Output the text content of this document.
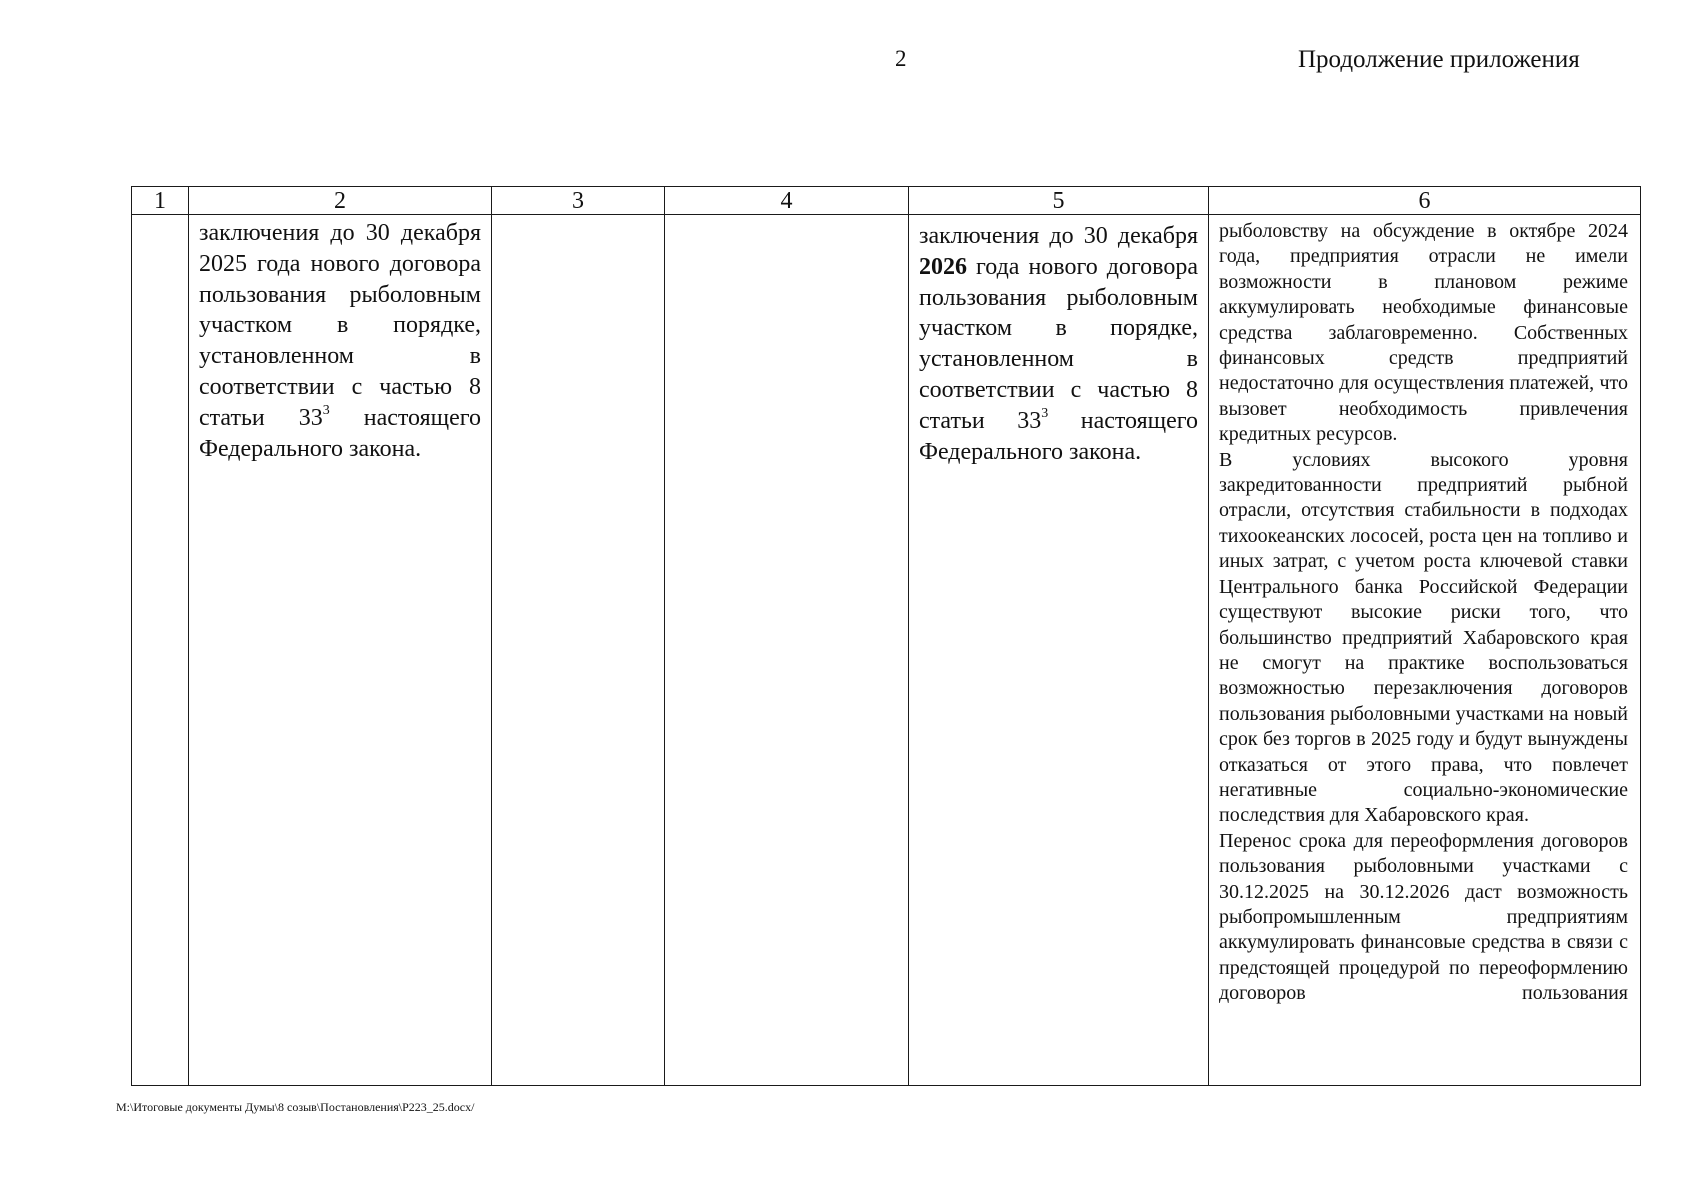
2	Продолжение приложения
1	2	3	4	5	6

	заключения до 30 декабря 2025 года нового договора пользования рыболовным участком в порядке, установленном в соответствии с частью 8 статьи $33^3$ настоящего Федерального закона.			заключения до 30 декабря 2026 года нового договора пользования рыболовным участком в порядке, установленном в соответствии с частью 8 статьи $33^3$ настоящего Федерального закона.	рыболовству на обсуждение в октябре 2024 года, предприятия отрасли не имели возможности в плановом режиме аккумулировать необходимые финансовые средства заблаговременно. Собственных финансовых средств предприятий недостаточно для осуществления платежей, что вызовет необходимость привлечения кредитных ресурсов.

В условиях высокого уровня закредитованности предприятий рыбной отрасли, отсутствия стабильности в подходах тихоокеанских лососей, роста цен на топливо и иных затрат, с учетом роста ключевой ставки Центрального банка Российской Федерации существуют высокие риски того, что большинство предприятий Хабаровского края не смогут на практике воспользоваться возможностью перезаключения договоров пользования рыболовными участками на новый срок без торгов в 2025 году и будут вынуждены отказаться от этого права, что повлечет негативные социально-экономические последствия для Хабаровского края.

Перенос срока для переоформления договоров пользования рыболовными участками с 30.12.2025 на 30.12.2026 даст возможность рыбопромышленным предприятиям аккумулировать финансовые средства в связи с предстоящей процедурой по переоформлению договоров пользования

М:\Итоговые документы Думы\8 созыв\Постановления\Р223_25.docx/
